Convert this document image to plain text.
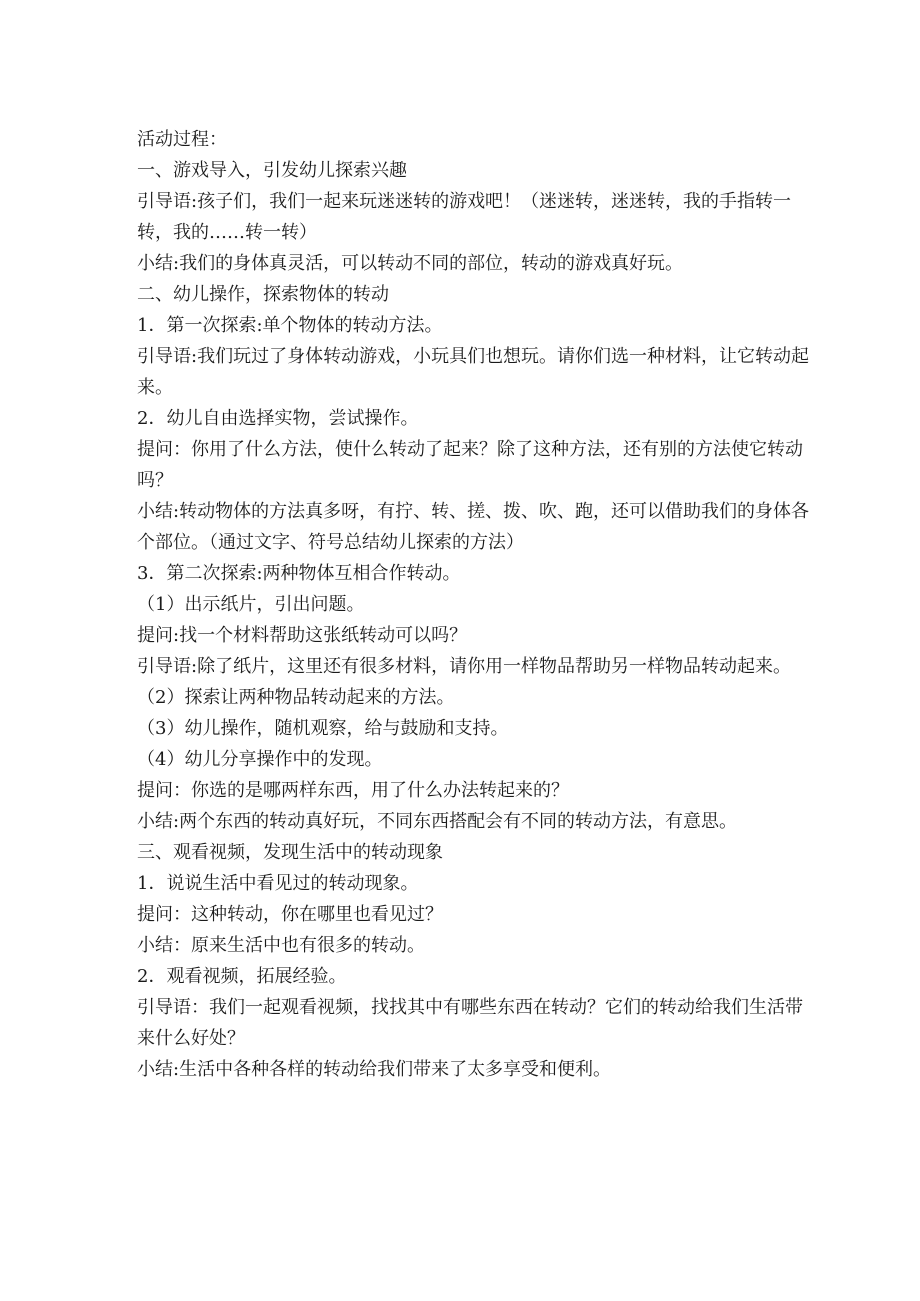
活动过程：

一、游戏导入，引发幼儿探索兴趣

引导语:孩子们，我们一起来玩迷迷转的游戏吧！（迷迷转，迷迷转，我的手指转一转，我的……转一转）

小结:我们的身体真灵活，可以转动不同的部位，转动的游戏真好玩。

二、幼儿操作，探索物体的转动

1．第一次探索:单个物体的转动方法。

引导语:我们玩过了身体转动游戏，小玩具们也想玩。请你们选一种材料，让它转动起来。

2．幼儿自由选择实物，尝试操作。

提问：你用了什么方法，使什么转动了起来？除了这种方法，还有别的方法使它转动吗？

小结:转动物体的方法真多呀，有拧、转、搓、拨、吹、跑，还可以借助我们的身体各个部位。（通过文字、符号总结幼儿探索的方法）

3．第二次探索:两种物体互相合作转动。

（1）出示纸片，引出问题。

提问:找一个材料帮助这张纸转动可以吗？

引导语:除了纸片，这里还有很多材料，请你用一样物品帮助另一样物品转动起来。

（2）探索让两种物品转动起来的方法。

（3）幼儿操作，随机观察，给与鼓励和支持。

（4）幼儿分享操作中的发现。

提问：你选的是哪两样东西，用了什么办法转起来的？

小结:两个东西的转动真好玩，不同东西搭配会有不同的转动方法，有意思。

三、观看视频，发现生活中的转动现象

1．说说生活中看见过的转动现象。

提问：这种转动，你在哪里也看见过？

小结：原来生活中也有很多的转动。

2．观看视频，拓展经验。

引导语：我们一起观看视频，找找其中有哪些东西在转动？它们的转动给我们生活带来什么好处？

小结:生活中各种各样的转动给我们带来了太多享受和便利。
